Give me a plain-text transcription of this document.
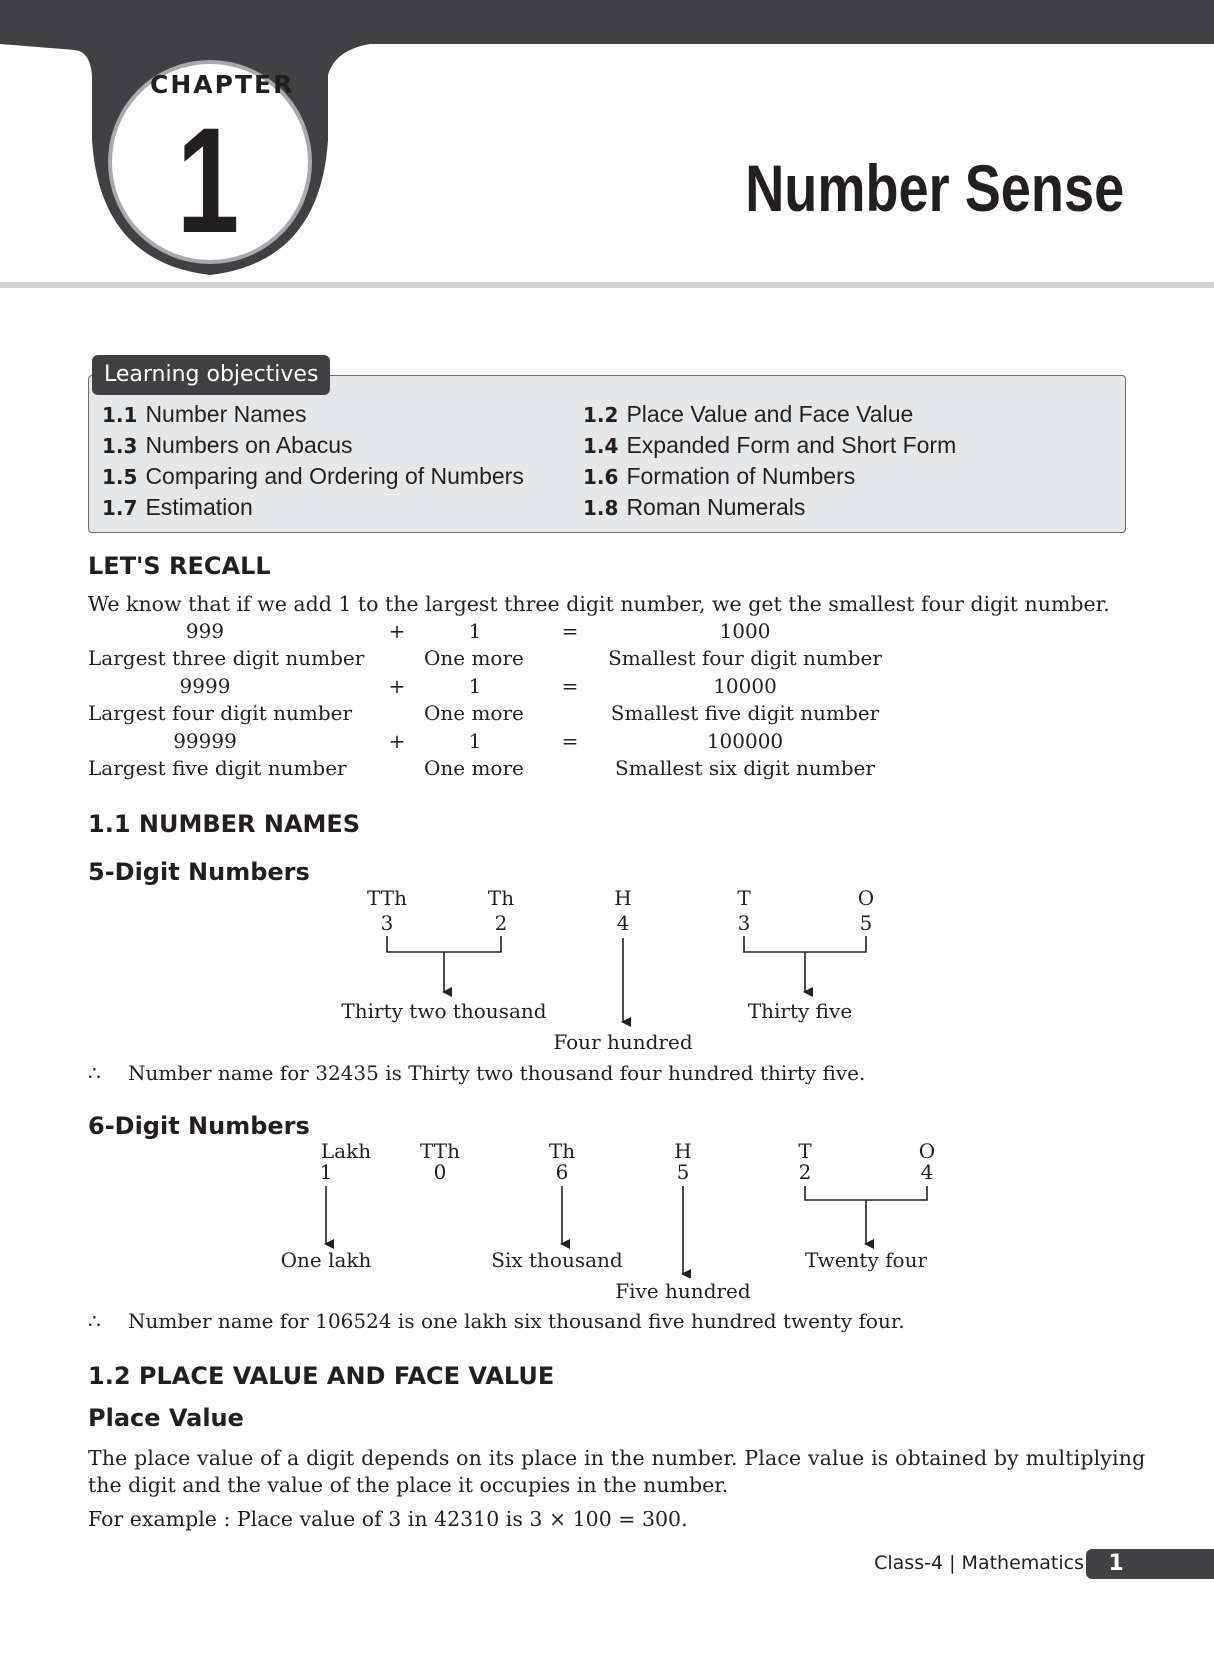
CHAPTER
1	Number Sense
Learning objectives
1.1 Number Names	1.2 Place Value and Face Value
1.3 Numbers on Abacus	1.4 Expanded Form and Short Form
1.5 Comparing and Ordering of Numbers	1.6 Formation of Numbers
1.7 Estimation	1.8 Roman Numerals
LET'S RECALL
We know that if we add 1 to the largest three digit number, we get the smallest four digit number.
999	+	1	=	1000
Largest three digit number	One more	Smallest four digit number
9999	+	1	=	10000
Largest four digit number	One more	Smallest five digit number
99999	+	1	=	100000
Largest five digit number	One more	Smallest six digit number
1.1 NUMBER NAMES
5-Digit Numbers
TTh	Th	H	T	O
3	2	4	3	5
Thirty two thousand
Four hundred
Thirty five
∴ Number name for 32435 is Thirty two thousand four hundred thirty five.
6-Digit Numbers
Lakh	TTh	Th	H	T	O
1	0	6	5	2	4
One lakh	Six thousand
Five hundred
Twenty four
∴ Number name for 106524 is one lakh six thousand five hundred twenty four.
1.2 PLACE VALUE AND FACE VALUE
Place Value
The place value of a digit depends on its place in the number. Place value is obtained by multiplying
the digit and the value of the place it occupies in the number.
For example : Place value of 3 in 42310 is 3 × 100 = 300.
Class-4 | Mathematics	1
